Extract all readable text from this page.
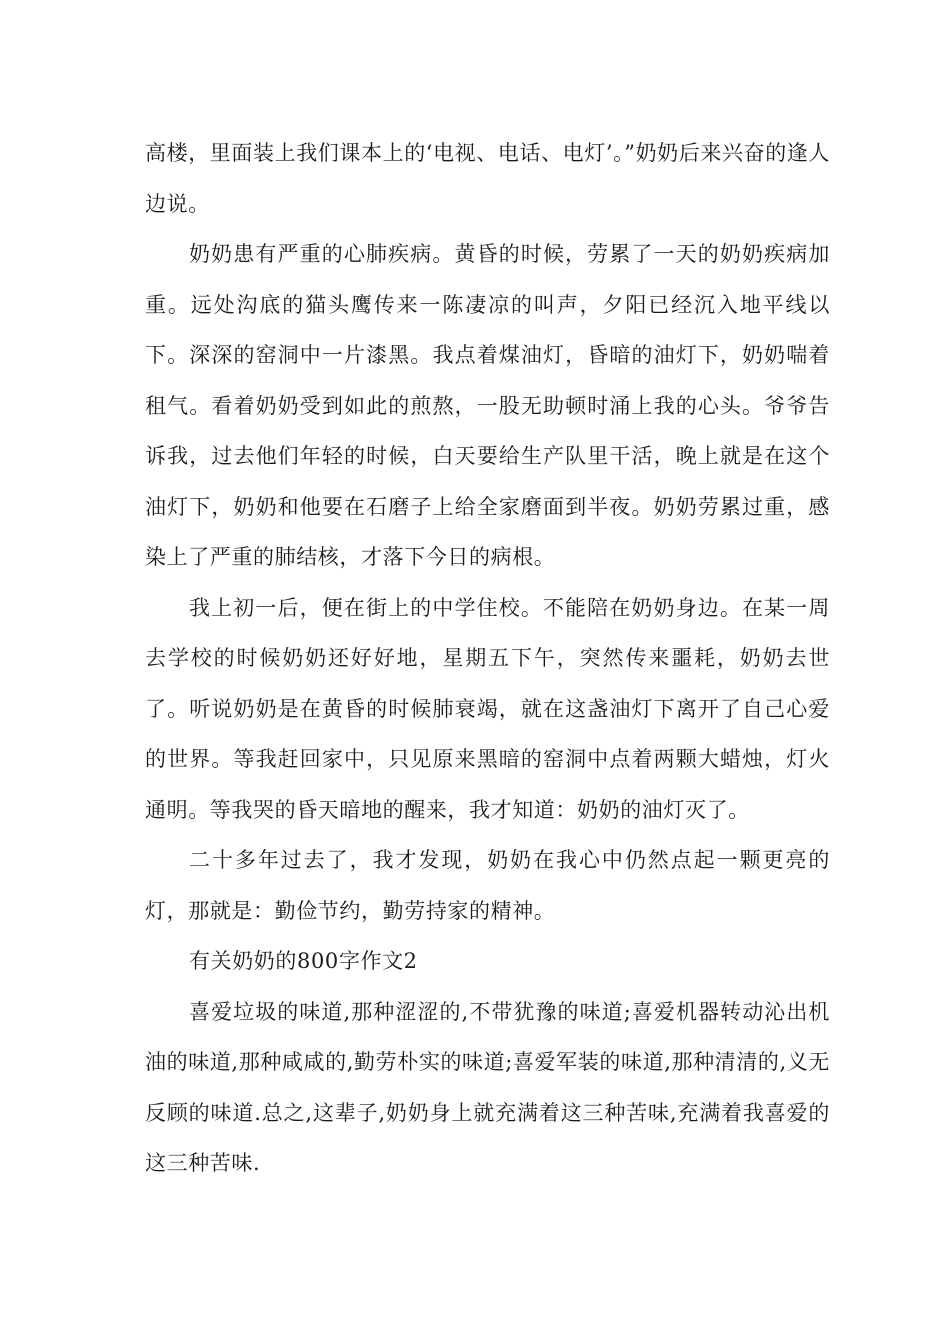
高楼，里面装上我们课本上的‘电视、电话、电灯’。”奶奶后来兴奋的逢人边说。

奶奶患有严重的心肺疾病。黄昏的时候，劳累了一天的奶奶疾病加重。远处沟底的猫头鹰传来一陈凄凉的叫声，夕阳已经沉入地平线以下。深深的窑洞中一片漆黑。我点着煤油灯，昏暗的油灯下，奶奶喘着租气。看着奶奶受到如此的煎熬，一股无助顿时涌上我的心头。爷爷告诉我，过去他们年轻的时候，白天要给生产队里干活，晚上就是在这个油灯下，奶奶和他要在石磨子上给全家磨面到半夜。奶奶劳累过重，感染上了严重的肺结核，才落下今日的病根。

我上初一后，便在街上的中学住校。不能陪在奶奶身边。在某一周去学校的时候奶奶还好好地，星期五下午，突然传来噩耗，奶奶去世了。听说奶奶是在黄昏的时候肺衰竭，就在这盏油灯下离开了自己心爱的世界。等我赶回家中，只见原来黑暗的窑洞中点着两颗大蜡烛，灯火通明。等我哭的昏天暗地的醒来，我才知道：奶奶的油灯灭了。

二十多年过去了，我才发现，奶奶在我心中仍然点起一颗更亮的灯，那就是：勤俭节约，勤劳持家的精神。

有关奶奶的800字作文2

喜爱垃圾的味道,那种涩涩的,不带犹豫的味道;喜爱机器转动沁出机油的味道,那种咸咸的,勤劳朴实的味道;喜爱军装的味道,那种清清的,义无反顾的味道.总之,这辈子,奶奶身上就充满着这三种苦味,充满着我喜爱的这三种苦味.
